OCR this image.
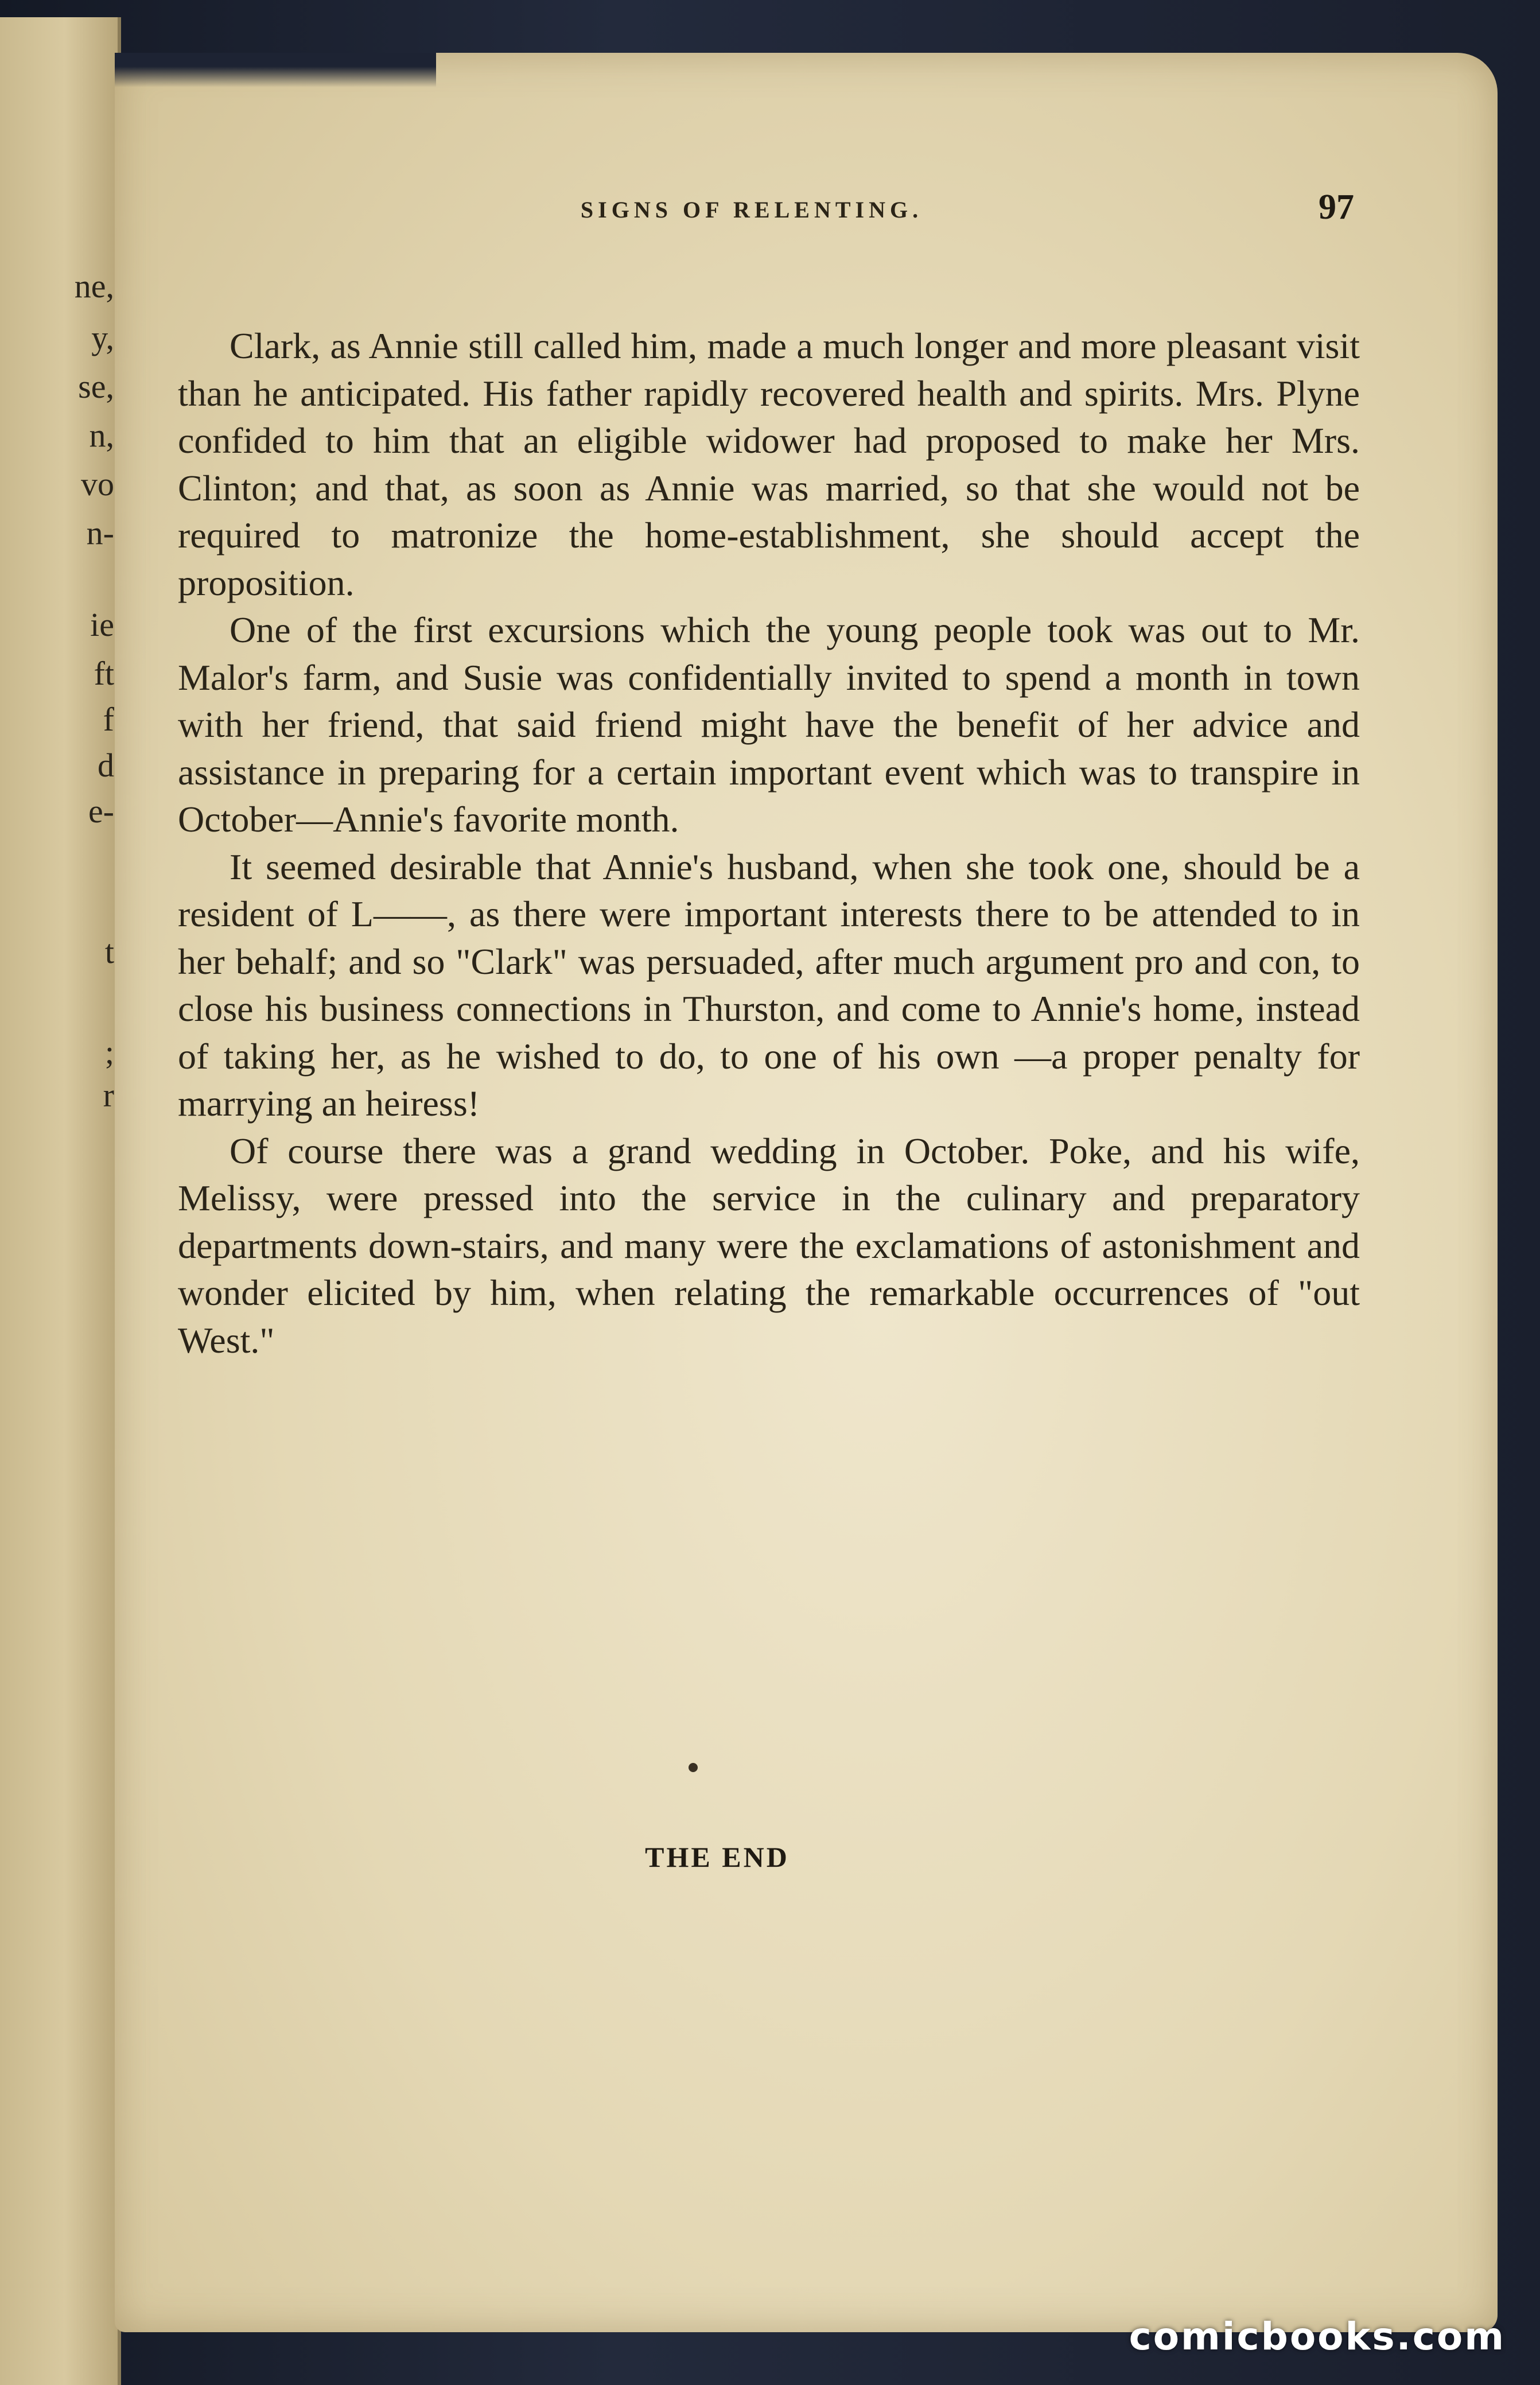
ne,
y,
se,
n,
vo
n-
ie
ft
f
d
e-
t
;
r
SIGNS OF RELENTING.	97

Clark, as Annie still called him, made a much longer and more pleasant visit than he anticipated. His father rapidly recovered health and spirits. Mrs. Plyne confided to him that an eligible widower had proposed to make her Mrs. Clinton; and that, as soon as Annie was married, so that she would not be required to matronize the home-establishment, she should accept the proposition.

One of the first excursions which the young people took was out to Mr. Malor's farm, and Susie was confidentially invited to spend a month in town with her friend, that said friend might have the benefit of her advice and assistance in preparing for a certain important event which was to transpire in October—Annie's favorite month.

It seemed desirable that Annie's husband, when she took one, should be a resident of L——, as there were important interests there to be attended to in her behalf; and so "Clark" was persuaded, after much argument pro and con, to close his business connections in Thurston, and come to Annie's home, instead of taking her, as he wished to do, to one of his own —a proper penalty for marrying an heiress!

Of course there was a grand wedding in October. Poke, and his wife, Melissy, were pressed into the service in the culinary and preparatory departments down-stairs, and many were the exclamations of astonishment and wonder elicited by him, when relating the remarkable occurrences of "out West."

THE END
comicbooks.com
